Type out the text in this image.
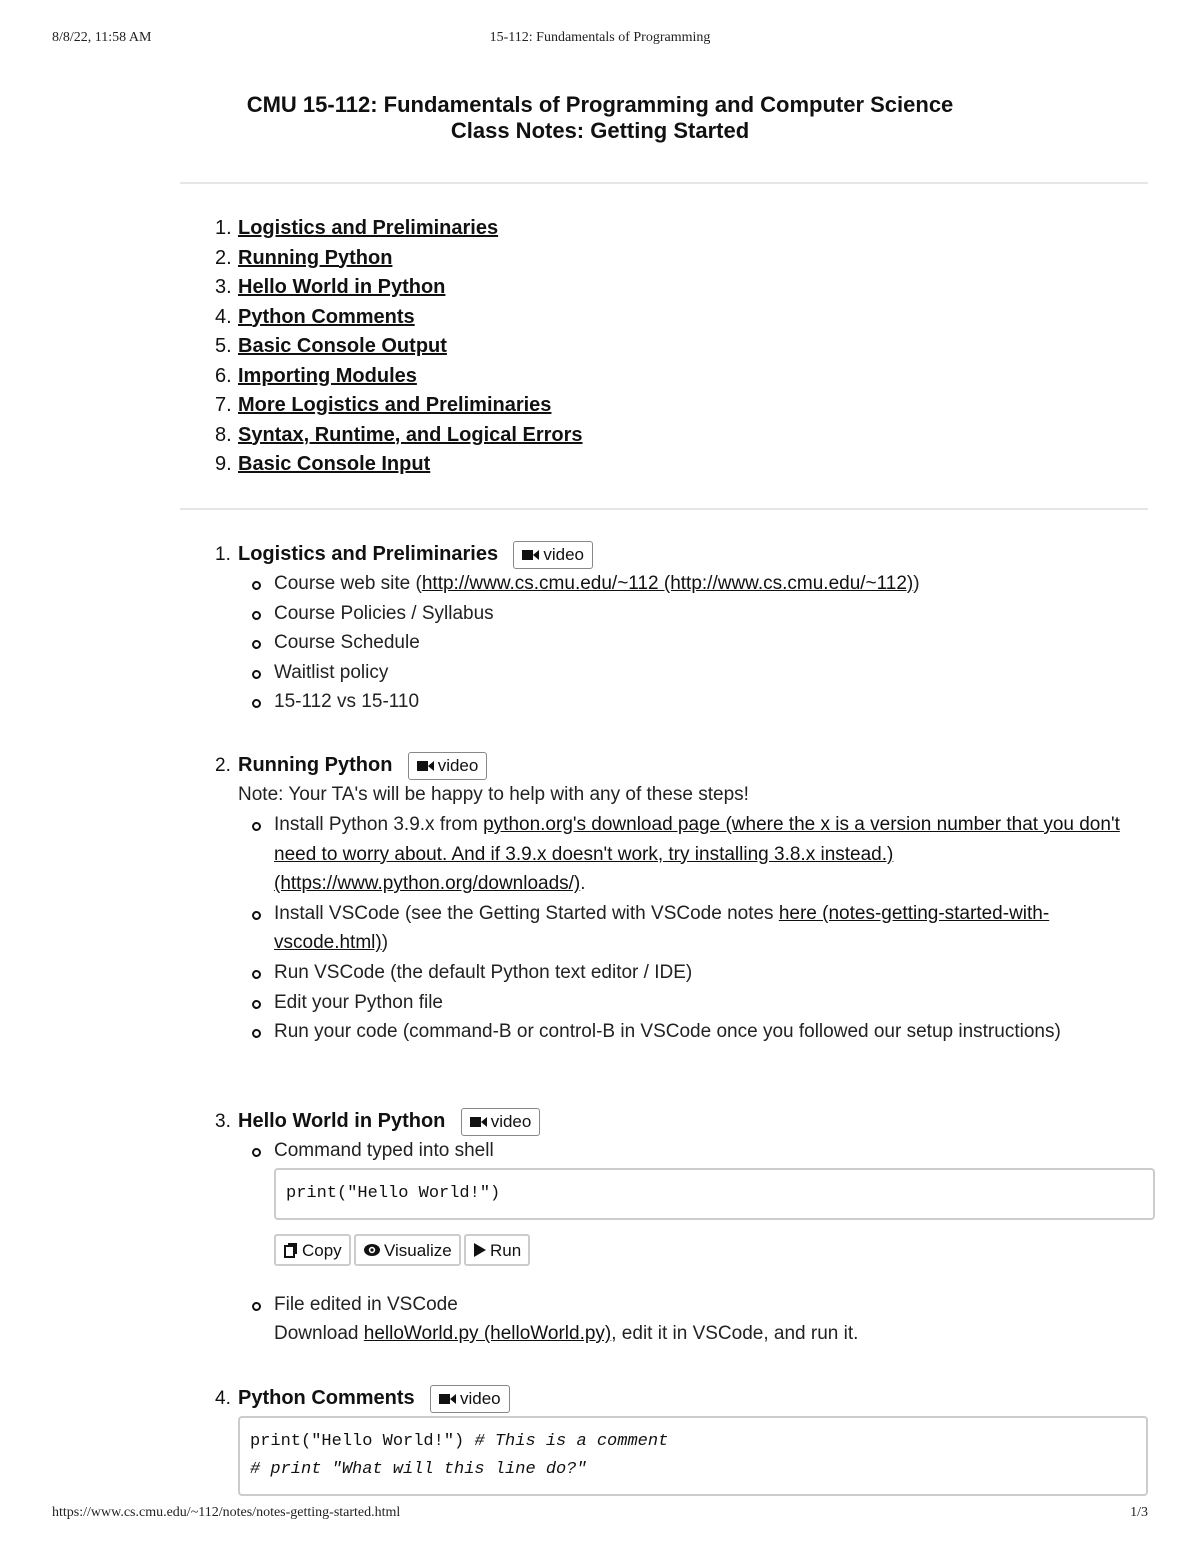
8/8/22, 11:58 AM	15-112: Fundamentals of Programming
CMU 15-112: Fundamentals of Programming and Computer Science
Class Notes: Getting Started
1. Logistics and Preliminaries
2. Running Python
3. Hello World in Python
4. Python Comments
5. Basic Console Output
6. Importing Modules
7. More Logistics and Preliminaries
8. Syntax, Runtime, and Logical Errors
9. Basic Console Input
1. Logistics and Preliminaries	video
Course web site (http://www.cs.cmu.edu/~112 (http://www.cs.cmu.edu/~112))
Course Policies / Syllabus
Course Schedule
Waitlist policy
15-112 vs 15-110
2. Running Python	video
Note: Your TA's will be happy to help with any of these steps!
Install Python 3.9.x from python.org's download page (where the x is a version number that you don't need to worry about. And if 3.9.x doesn't work, try installing 3.8.x instead.) (https://www.python.org/downloads/).
Install VSCode (see the Getting Started with VSCode notes here (notes-getting-started-with-vscode.html))
Run VSCode (the default Python text editor / IDE)
Edit your Python file
Run your code (command-B or control-B in VSCode once you followed our setup instructions)
3. Hello World in Python	video
Command typed into shell
print("Hello World!")
Copy Visualize Run
File edited in VSCode
Download helloWorld.py (helloWorld.py), edit it in VSCode, and run it.
4. Python Comments	video
print("Hello World!") # This is a comment
# print "What will this line do?"
https://www.cs.cmu.edu/~112/notes/notes-getting-started.html	1/3
